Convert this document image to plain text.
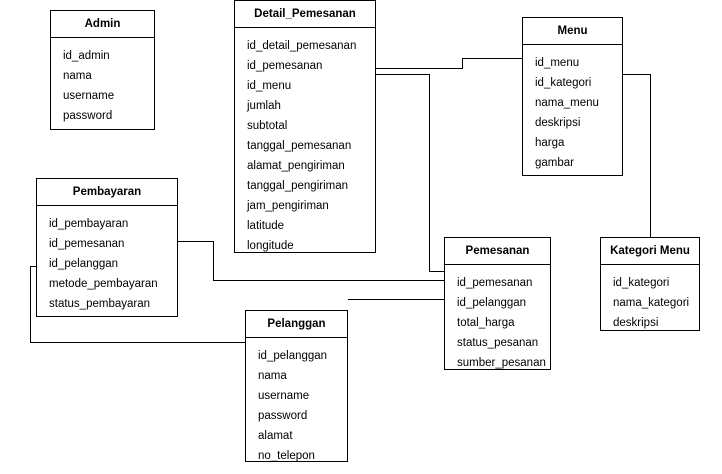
Admin
id_admin
nama
username
password
Detail_Pemesanan
id_detail_pemesanan
id_pemesanan
id_menu
jumlah
subtotal
tanggal_pemesanan
alamat_pengiriman
tanggal_pengiriman
jam_pengiriman
latitude
longitude
Menu
id_menu
id_kategori
nama_menu
deskripsi
harga
gambar
Pembayaran
id_pembayaran
id_pemesanan
id_pelanggan
metode_pembayaran
status_pembayaran
Pemesanan
id_pemesanan
id_pelanggan
total_harga
status_pesanan
sumber_pesanan
Kategori Menu
id_kategori
nama_kategori
deskripsi
Pelanggan
id_pelanggan
nama
username
password
alamat
no_telepon
